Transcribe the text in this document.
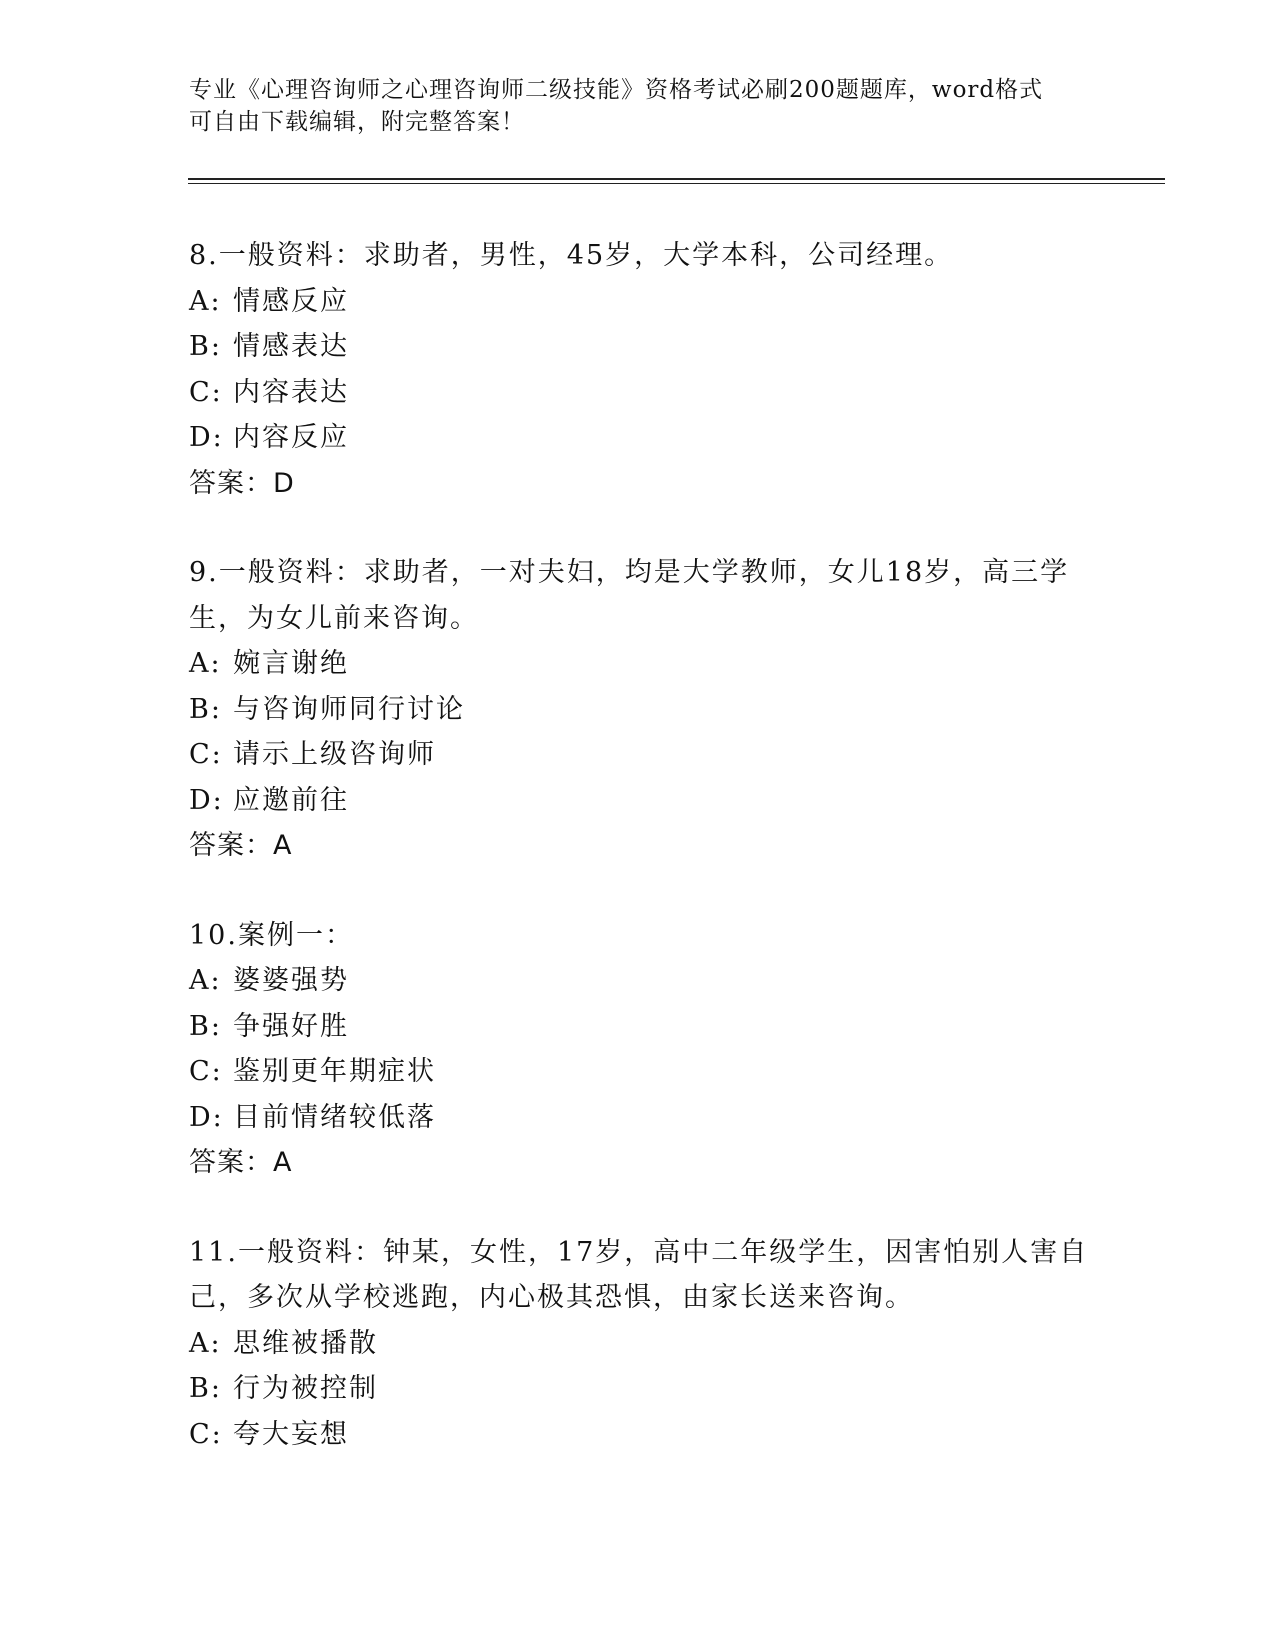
专业《心理咨询师之心理咨询师二级技能》资格考试必刷200题题库，word格式
可自由下载编辑，附完整答案！

8.一般资料：求助者，男性，45岁，大学本科，公司经理。

A: 情感反应

B: 情感表达

C: 内容表达

D: 内容反应

答案：D

9.一般资料：求助者，一对夫妇，均是大学教师，女儿18岁，高三学

生，为女儿前来咨询。

A: 婉言谢绝

B: 与咨询师同行讨论

C: 请示上级咨询师

D: 应邀前往

答案：A

10.案例一：

A: 婆婆强势

B: 争强好胜

C: 鉴别更年期症状

D: 目前情绪较低落

答案：A

11.一般资料：钟某，女性，17岁，高中二年级学生，因害怕别人害自

己，多次从学校逃跑，内心极其恐惧，由家长送来咨询。

A: 思维被播散

B: 行为被控制

C: 夸大妄想
